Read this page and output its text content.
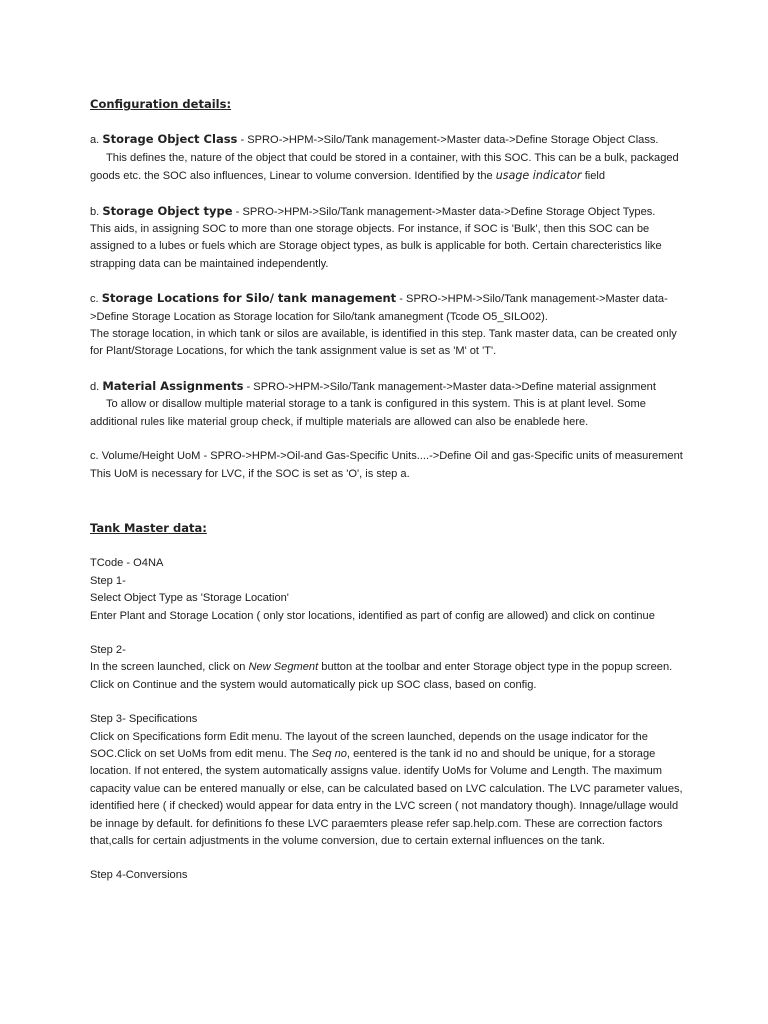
Configuration details:

a. Storage Object Class - SPRO->HPM->Silo/Tank management->Master data->Define Storage Object Class.

This defines the, nature of the object that could be stored in a container, with this SOC. This can be a bulk, packaged goods etc. the SOC also influences, Linear to volume conversion. Identified by the usage indicator field

b. Storage Object type - SPRO->HPM->Silo/Tank management->Master data->Define Storage Object Types.

This aids, in assigning SOC to more than one storage objects. For instance, if SOC is 'Bulk', then this SOC can be assigned to a lubes or fuels which are Storage object types, as bulk is applicable for both. Certain charecteristics like strapping data can be maintained independently.

c. Storage Locations for Silo/ tank management - SPRO->HPM->Silo/Tank management->Master data->Define Storage Location as Storage location for Silo/tank amanegment (Tcode O5_SILO02).

The storage location, in which tank or silos are available, is identified in this step. Tank master data, can be created only for Plant/Storage Locations, for which the tank assignment value is set as 'M' ot 'T'.

d. Material Assignments - SPRO->HPM->Silo/Tank management->Master data->Define material assignment

To allow or disallow multiple material storage to a tank is configured in this system. This is at plant level. Some additional rules like material group check, if multiple materials are allowed can also be enablede here.

c. Volume/Height UoM - SPRO->HPM->Oil-and Gas-Specific Units....->Define Oil and gas-Specific units of measurement

This UoM is necessary for LVC, if the SOC is set as 'O', is step a.

Tank Master data:

TCode - O4NA

Step 1-

Select Object Type as 'Storage Location'

Enter Plant and Storage Location ( only stor locations, identified as part of config are allowed) and click on continue

Step 2-

In the screen launched, click on New Segment button at the toolbar and enter Storage object type in the popup screen. Click on Continue and the system would automatically pick up SOC class, based on config.

Step 3- Specifications

Click on Specifications form Edit menu. The layout of the screen launched, depends on the usage indicator for the SOC.Click on set UoMs from edit menu. The Seq no, eentered is the tank id no and should be unique, for a storage location. If not entered, the system automatically assigns value. identify UoMs for Volume and Length. The maximum capacity value can be entered manually or else, can be calculated based on LVC calculation. The LVC parameter values, identified here ( if checked) would appear for data entry in the LVC screen ( not mandatory though). Innage/ullage would be innage by default. for definitions fo these LVC paraemters please refer sap.help.com. These are correction factors that,calls for certain adjustments in the volume conversion, due to certain external influences on the tank.

Step 4-Conversions
